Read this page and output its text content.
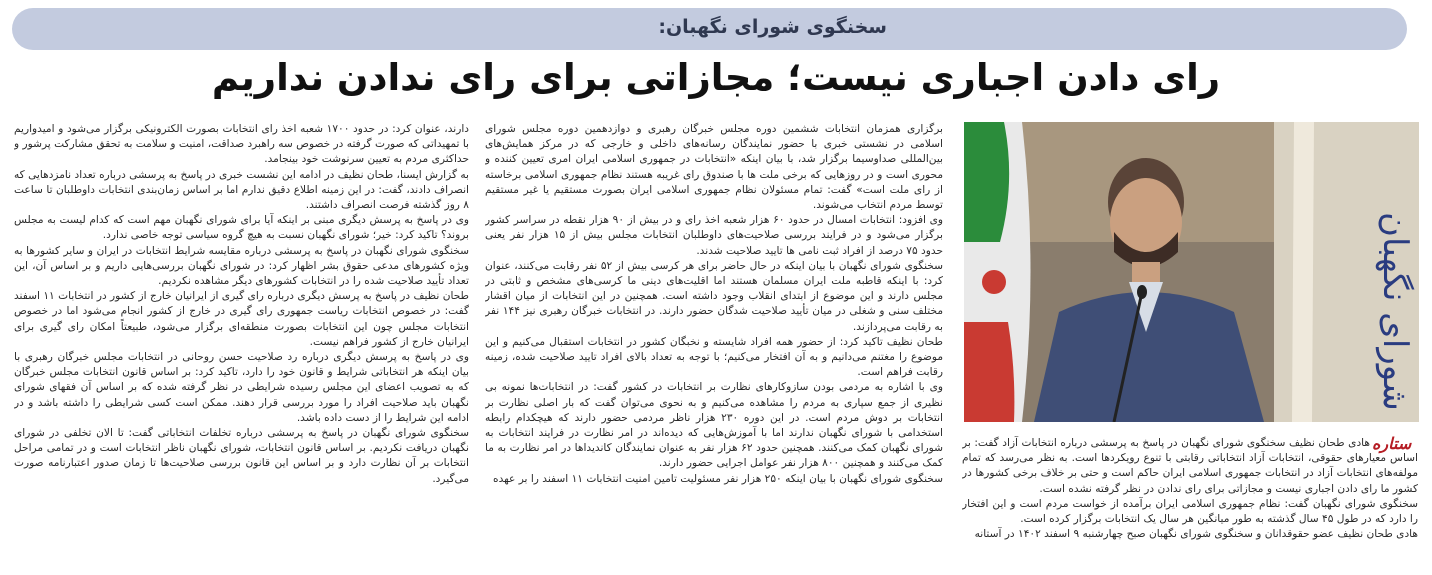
سخنگوی شورای نگهبان:
رای دادن اجباری نیست؛ مجازاتی برای رای ندادن نداریم
شورای نگهبان
ستاره

هادی طحان نظیف سخنگوی شورای نگهبان در پاسخ به پرسشی درباره انتخابات آزاد گفت: بر اساس معیارهای حقوقی، انتخابات آزاد انتخاباتی رقابتی با تنوع رویکردها است. به نظر می‌رسد که تمام مولفه‌های انتخابات آزاد در انتخابات جمهوری اسلامی ایران حاکم است و حتی بر خلاف برخی کشورها در کشور ما رای دادن اجباری نیست و مجازاتی برای رای ندادن در نظر گرفته نشده است.

سخنگوی شورای نگهبان گفت: نظام جمهوری اسلامی ایران برآمده از خواست مردم است و این افتخار را دارد که در طول ۴۵ سال گذشته به طور میانگین هر سال یک انتخابات برگزار کرده است.

هادی طحان نظیف عضو حقوقدانان و سخنگوی شورای نگهبان صبح چهارشنبه ۹ اسفند ۱۴۰۲ در آستانه

برگزاری همزمان انتخابات ششمین دوره مجلس خبرگان رهبری و دوازدهمین دوره مجلس شورای اسلامی در نشستی خبری با حضور نمایندگان رسانه‌های داخلی و خارجی که در مرکز همایش‌های بین‌المللی صداوسیما برگزار شد، با بیان اینکه «انتخابات در جمهوری اسلامی ایران امری تعیین کننده و محوری است و در روزهایی که برخی ملت ها با صندوق رای غریبه هستند نظام جمهوری اسلامی برخاسته از رای ملت است» گفت: تمام مسئولان نظام جمهوری اسلامی ایران بصورت مستقیم یا غیر مستقیم توسط مردم انتخاب می‌شوند.

وی افزود: انتخابات امسال در حدود ۶۰ هزار شعبه اخذ رای و در بیش از ۹۰ هزار نقطه در سراسر کشور برگزار می‌شود و در فرایند بررسی صلاحیت‌های داوطلبان انتخابات مجلس بیش از ۱۵ هزار نفر یعنی حدود ۷۵ درصد از افراد ثبت نامی ها تایید صلاحیت شدند.

سخنگوی شورای نگهبان با بیان اینکه در حال حاضر برای هر کرسی بیش از ۵۲ نفر رقابت می‌کنند، عنوان کرد: با اینکه قاطبه ملت ایران مسلمان هستند اما اقلیت‌های دینی ما کرسی‌های مشخص و ثابتی در مجلس دارند و این موضوع از ابتدای انقلاب وجود داشته است. همچنین در این انتخابات از میان اقشار مختلف سنی و شغلی در میان تأیید صلاحیت شدگان حضور دارند. در انتخابات خبرگان رهبری نیز ۱۴۴ نفر به رقابت می‌پردازند.

طحان نظیف تاکید کرد: از حضور همه افراد شایسته و نخبگان کشور در انتخابات استقبال می‌کنیم و این موضوع را مغتنم می‌دانیم و به آن افتخار می‌کنیم؛ با توجه به تعداد بالای افراد تایید صلاحیت شده، زمینه رقابت فراهم است.

وی با اشاره به مردمی بودن سازوکارهای نظارت بر انتخابات در کشور گفت: در انتخابات‌ها نمونه بی نظیری از جمع سپاری به مردم را مشاهده می‌کنیم و به نحوی می‌توان گفت که بار اصلی نظارت بر انتخابات بر دوش مردم است. در این دوره ۲۳۰ هزار ناظر مردمی حضور دارند که هیچکدام رابطه استخدامی با شورای نگهبان ندارند اما با آموزش‌هایی که دیده‌اند در امر نظارت در فرایند انتخابات به شورای نگهبان کمک می‌کنند. همچنین حدود ۶۲ هزار نفر به عنوان نمایندگان کاندیداها در امر نظارت به ما کمک می‌کنند و همچنین ۸۰۰ هزار نفر عوامل اجرایی حضور دارند.

سخنگوی شورای نگهبان با بیان اینکه ۲۵۰ هزار نفر مسئولیت تامین امنیت انتخابات ۱۱ اسفند را بر عهده

دارند، عنوان کرد: در حدود ۱۷۰۰ شعبه اخذ رای انتخابات بصورت الکترونیکی برگزار می‌شود و امیدواریم با تمهیداتی که صورت گرفته در خصوص سه راهبرد صداقت، امنیت و سلامت به تحقق مشارکت پرشور و حداکثری مردم به تعیین سرنوشت خود بینجامد.

به گزارش ایسنا، طحان نظیف در ادامه این نشست خبری در پاسخ به پرسشی درباره تعداد نامزدهایی که انصراف دادند، گفت: در این زمینه اطلاع دقیق ندارم اما بر اساس زمان‌بندی انتخابات داوطلبان تا ساعت ۸ روز گذشته فرصت انصراف داشتند.

وی در پاسخ به پرسش دیگری مبنی بر اینکه آیا برای شورای نگهبان مهم است که کدام لیست به مجلس بروند؟ تاکید کرد: خیر؛ شورای نگهبان نسبت به هیچ گروه سیاسی توجه خاصی ندارد.

سخنگوی شورای نگهبان در پاسخ به پرسشی درباره مقایسه شرایط انتخابات در ایران و سایر کشورها به ویژه کشورهای مدعی حقوق بشر اظهار کرد: در شورای نگهبان بررسی‌هایی داریم و بر اساس آن، این تعداد تأیید صلاحیت شده را در انتخابات کشورهای دیگر مشاهده نکردیم.

طحان نظیف در پاسخ به پرسش دیگری درباره رای گیری از ایرانیان خارج از کشور در انتخابات ۱۱ اسفند گفت: در خصوص انتخابات ریاست جمهوری رای گیری در خارج از کشور انجام می‌شود اما در خصوص انتخابات مجلس چون این انتخابات بصورت منطقه‌ای برگزار می‌شود، طبیعتاً امکان رای گیری برای ایرانیان خارج از کشور فراهم نیست.

وی در پاسخ به پرسش دیگری درباره رد صلاحیت حسن روحانی در انتخابات مجلس خبرگان رهبری با بیان اینکه هر انتخاباتی شرایط و قانون خود را دارد، تاکید کرد: بر اساس قانون انتخابات مجلس خبرگان که به تصویب اعضای این مجلس رسیده شرایطی در نظر گرفته شده که بر اساس آن فقهای شورای نگهبان باید صلاحیت افراد را مورد بررسی قرار دهند. ممکن است کسی شرایطی را داشته باشد و در ادامه این شرایط را از دست داده باشد.

سخنگوی شورای نگهبان در پاسخ به پرسشی درباره تخلفات انتخاباتی گفت: تا الان تخلفی در شورای نگهبان دریافت نکردیم. بر اساس قانون انتخابات، شورای نگهبان ناظر انتخابات است و در تمامی مراحل انتخابات بر آن نظارت دارد و بر اساس این قانون بررسی صلاحیت‌ها تا زمان صدور اعتبارنامه صورت می‌گیرد.
